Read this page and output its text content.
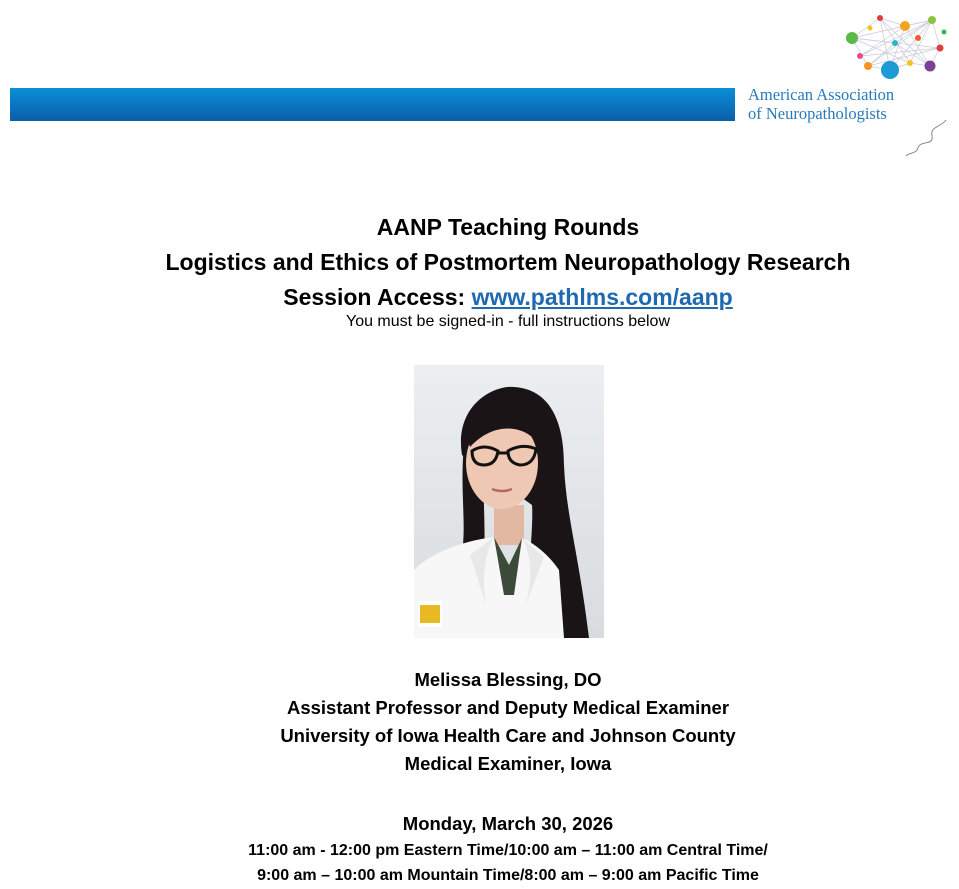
American Association
of Neuropathologists
AANP Teaching Rounds
Logistics and Ethics of Postmortem Neuropathology Research
Session Access: www.pathlms.com/aanp
You must be signed-in - full instructions below
Melissa Blessing, DO
Assistant Professor and Deputy Medical Examiner
University of Iowa Health Care and Johnson County
Medical Examiner, Iowa
Monday, March 30, 2026
11:00 am - 12:00 pm Eastern Time/10:00 am – 11:00 am Central Time/
9:00 am – 10:00 am Mountain Time/8:00 am – 9:00 am Pacific Time
